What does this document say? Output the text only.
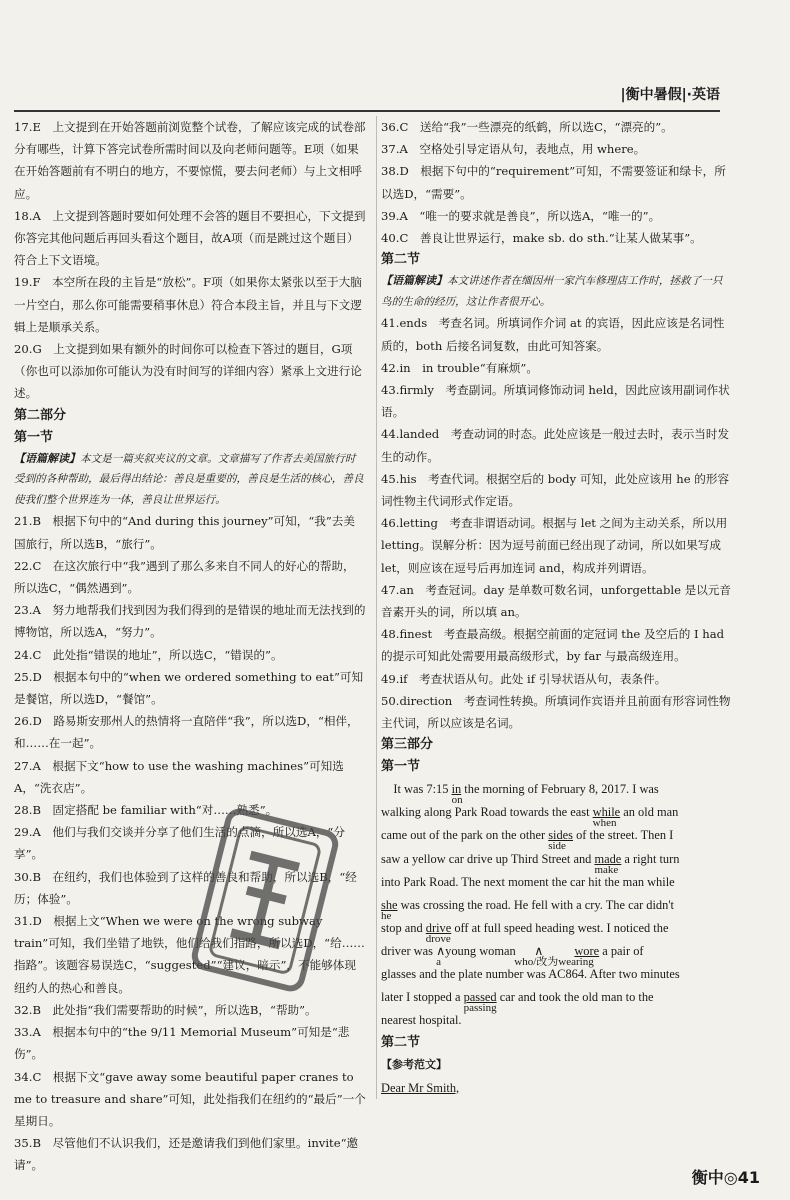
|衡中暑假|·英语

17.E　上文提到在开始答题前浏览整个试卷，了解应该完成的试卷部分有哪些，计算下答完试卷所需时间以及向老师问题等。E项（如果在开始答题前有不明白的地方，不要惊慌，要去问老师）与上文相呼应。

18.A　上文提到答题时要如何处理不会答的题目不要担心，下文提到你答完其他问题后再回头看这个题目，故A项（而是跳过这个题目）符合上下文语境。

19.F　本空所在段的主旨是“放松”。F项（如果你太紧张以至于大脑一片空白，那么你可能需要稍事休息）符合本段主旨，并且与下文逻辑上是顺承关系。

20.G　上文提到如果有额外的时间你可以检查下答过的题目，G项（你也可以添加你可能认为没有时间写的详细内容）紧承上文进行论述。

第二部分
第一节

【语篇解读】本文是一篇夹叙夹议的文章。文章描写了作者去美国旅行时受到的各种帮助，最后得出结论：善良是重要的，善良是生活的核心，善良使我们整个世界连为一体，善良让世界运行。

21.B　根据下句中的“And during this journey”可知，“我”去美国旅行，所以选B，“旅行”。

22.C　在这次旅行中“我”遇到了那么多来自不同人的好心的帮助，所以选C，“偶然遇到”。

23.A　努力地帮我们找到因为我们得到的是错误的地址而无法找到的博物馆，所以选A，“努力”。

24.C　此处指“错误的地址”，所以选C，“错误的”。

25.D　根据本句中的“when we ordered something to eat”可知是餐馆，所以选D，“餐馆”。

26.D　路易斯安那州人的热情将一直陪伴“我”，所以选D，“相伴，和……在一起”。

27.A　根据下文“how to use the washing machines”可知选A，“洗衣店”。

28.B　固定搭配 be familiar with“对……熟悉”。

29.A　他们与我们交谈并分享了他们生活的点滴，所以选A，“分享”。

30.B　在纽约，我们也体验到了这样的善良和帮助，所以选B，“经历；体验”。

31.D　根据上文“When we were on the wrong subway train”可知，我们坐错了地铁，他们给我们指路，所以选D，“给……指路”。该题容易误选C，“suggested”“建议，暗示”，不能够体现纽约人的热心和善良。

32.B　此处指“我们需要帮助的时候”，所以选B，“帮助”。

33.A　根据本句中的“the 9/11 Memorial Museum”可知是“悲伤”。

34.C　根据下文“gave away some beautiful paper cranes to me to treasure and share”可知，此处指我们在纽约的“最后”一个星期日。

35.B　尽管他们不认识我们，还是邀请我们到他们家里。invite“邀请”。

36.C　送给“我”一些漂亮的纸鹤，所以选C，“漂亮的”。

37.A　空格处引导定语从句，表地点，用 where。

38.D　根据下句中的“requirement”可知，不需要签证和绿卡，所以选D，“需要”。

39.A　“唯一的要求就是善良”，所以选A，“唯一的”。

40.C　善良让世界运行，make sb. do sth.“让某人做某事”。

第二节

【语篇解读】本文讲述作者在缅因州一家汽车修理店工作时，拯救了一只鸟的生命的经历，这让作者很开心。

41.ends　考查名词。所填词作介词 at 的宾语，因此应该是名词性质的，both 后接名词复数，由此可知答案。

42.in　in trouble“有麻烦”。

43.firmly　考查副词。所填词修饰动词 held，因此应该用副词作状语。

44.landed　考查动词的时态。此处应该是一般过去时，表示当时发生的动作。

45.his　考查代词。根据空后的 body 可知，此处应该用 he 的形容词性物主代词形式作定语。

46.letting　考查非谓语动词。根据与 let 之间为主动关系，所以用 letting。误解分析：因为逗号前面已经出现了动词，所以如果写成 let，则应该在逗号后再加连词 and，构成并列谓语。

47.an　考查冠词。day 是单数可数名词，unforgettable 是以元音音素开头的词，所以填 an。

48.finest　考查最高级。根据空前面的定冠词 the 及空后的 I had 的提示可知此处需要用最高级形式，by far 与最高级连用。

49.if　考查状语从句。此处 if 引导状语从句，表条件。

50.direction　考查词性转换。所填词作宾语并且前面有形容词性物主代词，所以应该是名词。

第三部分
第一节
It was 7:15 in
on
the morning of February 8, 2017. I was
walking along Park Road towards the east while
when
an old man
came out of the park on the other sides
side
of the street. Then I
saw a yellow car drive up Third Street and made
make
a right turn
into Park Road. The next moment the car hit the man while
she
he
was crossing the road. He fell with a cry. The car didn't
stop and drive
drove
off at full speed heading west. I noticed the
driver was ∧
a
young woman      ∧
who/改为wearing
wore a pair of
glasses and the plate number was AC864. After two minutes
later I stopped a passed
passing
car and took the old man to the
nearest hospital.
第二节
【参考范文】
Dear Mr Smith,
衡中◎41
